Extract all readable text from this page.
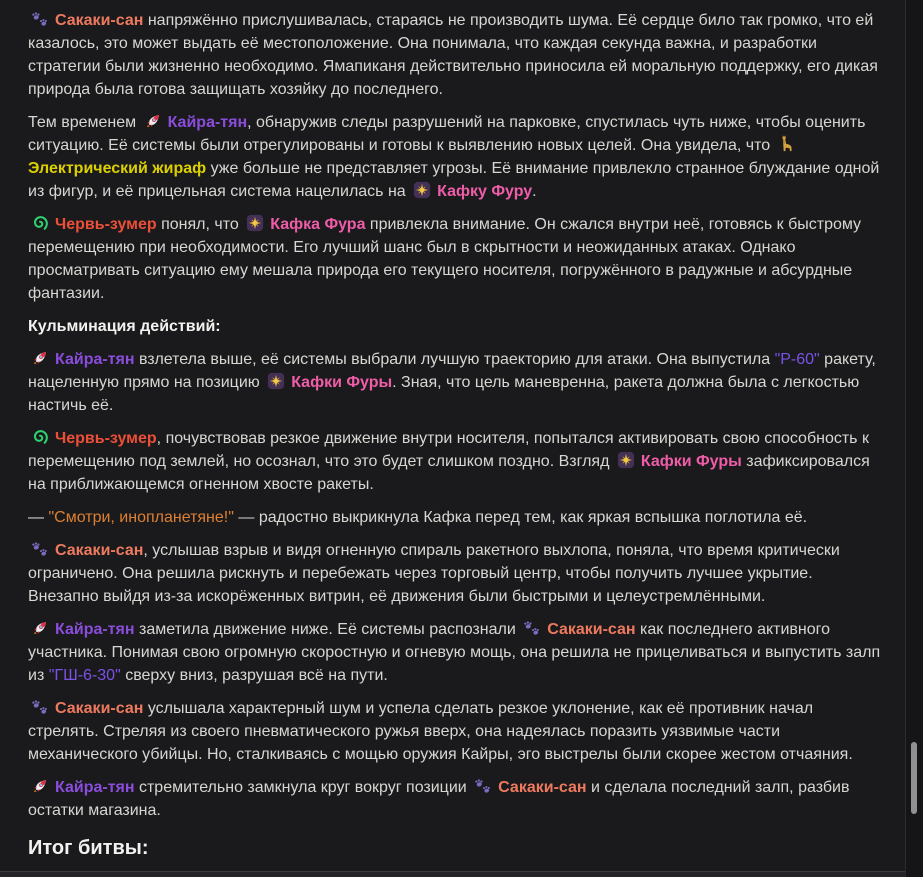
Сакаки-сан напряжённо прислушивалась, стараясь не производить шума. Её сердце било так громко, что ей казалось, это может выдать её местоположение. Она понимала, что каждая секунда важна, и разработки стратегии были жизненно необходимо. Ямапиканя действительно приносила ей моральную поддержку, его дикая природа была готова защищать хозяйку до последнего.

Тем временем
Кайра-тян, обнаружив следы разрушений на парковке, спустилась чуть ниже, чтобы оценить ситуацию. Её системы были отрегулированы и готовы к выявлению новых целей. Она увидела, что
Электрический жираф уже больше не представляет угрозы. Её внимание привлекло странное блуждание одной из фигур, и её прицельная система нацелилась на
Кафку Фуру.

Червь-зумер понял, что
Кафка Фура привлекла внимание. Он сжался внутри неё, готовясь к быстрому перемещению при необходимости. Его лучший шанс был в скрытности и неожиданных атаках. Однако просматривать ситуацию ему мешала природа его текущего носителя, погружённого в радужные и абсурдные фантазии.

Кульминация действий:

Кайра-тян взлетела выше, её системы выбрали лучшую траекторию для атаки. Она выпустила "Р-60" ракету, нацеленную прямо на позицию
Кафки Фуры. Зная, что цель маневренна, ракета должна была с легкостью настичь её.

Червь-зумер, почувствовав резкое движение внутри носителя, попытался активировать свою способность к перемещению под землей, но осознал, что это будет слишком поздно. Взгляд
Кафки Фуры зафиксировался на приближающемся огненном хвосте ракеты.

— "Смотри, инопланетяне!" — радостно выкрикнула Кафка перед тем, как яркая вспышка поглотила её.

Сакаки-сан, услышав взрыв и видя огненную спираль ракетного выхлопа, поняла, что время критически ограничено. Она решила рискнуть и перебежать через торговый центр, чтобы получить лучшее укрытие. Внезапно выйдя из-за искорёженных витрин, её движения были быстрыми и целеустремлёнными.

Кайра-тян заметила движение ниже. Её системы распознали
Сакаки-сан как последнего активного участника. Понимая свою огромную скоростную и огневую мощь, она решила не прицеливаться и выпустить залп из "ГШ-6-30" сверху вниз, разрушая всё на пути.

Сакаки-сан услышала характерный шум и успела сделать резкое уклонение, как её противник начал стрелять. Стреляя из своего пневматического ружья вверх, она надеялась поразить уязвимые части механического убийцы. Но, сталкиваясь с мощью оружия Кайры, эго выстрелы были скорее жестом отчаяния.

Кайра-тян стремительно замкнула круг вокруг позиции
Сакаки-сан и сделала последний залп, разбив остатки магазина.

Итог битвы:
